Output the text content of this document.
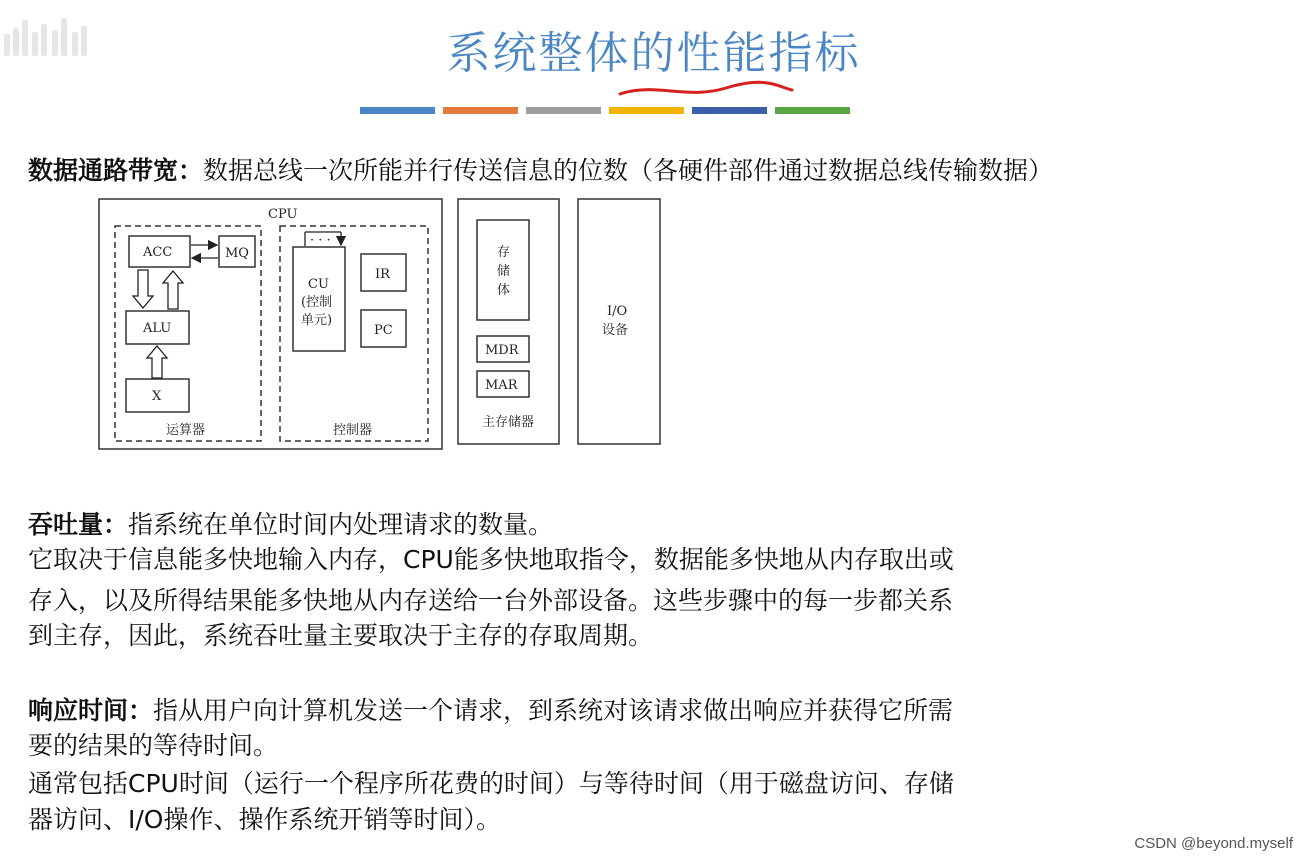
系统整体的性能指标
数据通路带宽：数据总线一次所能并行传送信息的位数（各硬件部件通过数据总线传输数据）
CPU
ACC	MQ
ALU
X
运算器
· · ·
CU
(控制
单元)
IR
PC
控制器
存
储
体
MDR
MAR
主存储器
I/O
设备
吞吐量：指系统在单位时间内处理请求的数量。
它取决于信息能多快地输入内存，CPU能多快地取指令，数据能多快地从内存取出或
存入，以及所得结果能多快地从内存送给一台外部设备。这些步骤中的每一步都关系
到主存，因此，系统吞吐量主要取决于主存的存取周期。
响应时间：指从用户向计算机发送一个请求，到系统对该请求做出响应并获得它所需
要的结果的等待时间。
通常包括CPU时间（运行一个程序所花费的时间）与等待时间（用于磁盘访问、存储
器访问、I/O操作、操作系统开销等时间）。
CSDN @beyond.myself
